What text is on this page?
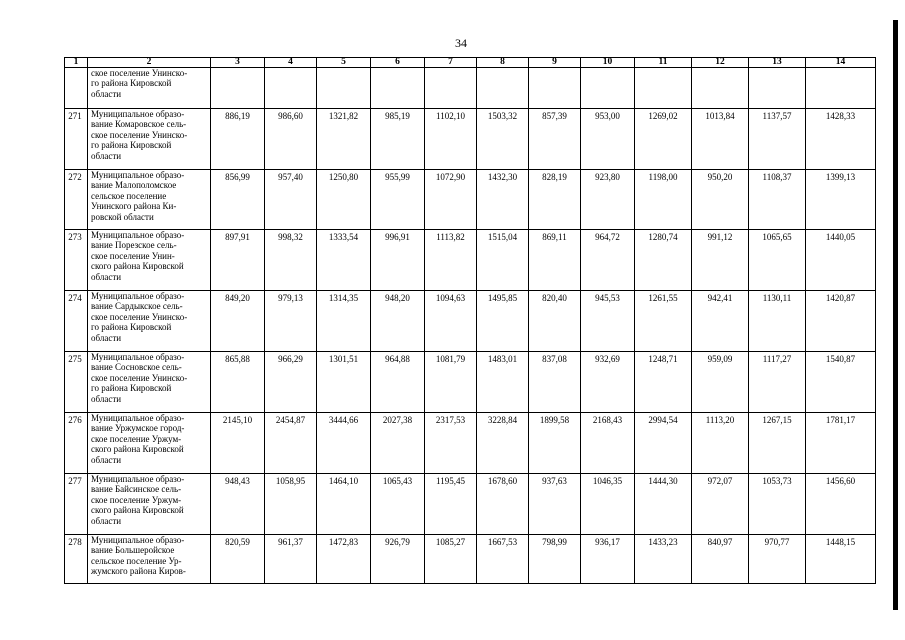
34
1	2	3	4	5	6	7	8	9	10	11	12	13	14

	ское поселение Унинско-
го района Кировской
области												

271	Муниципальное образо-
вание Комаровское сель-
ское поселение Унинско-
го района Кировской
области	886,19	986,60	1321,82	985,19	1102,10	1503,32	857,39	953,00	1269,02	1013,84	1137,57	1428,33
272	Муниципальное образо-
вание Малополомское
сельское поселение
Унинского района Ки-
ровской области	856,99	957,40	1250,80	955,99	1072,90	1432,30	828,19	923,80	1198,00	950,20	1108,37	1399,13
273	Муниципальное образо-
вание Порезское сель-
ское поселение Унин-
ского района Кировской
области	897,91	998,32	1333,54	996,91	1113,82	1515,04	869,11	964,72	1280,74	991,12	1065,65	1440,05
274	Муниципальное образо-
вание Сардыкское сель-
ское поселение Унинско-
го района Кировской
области	849,20	979,13	1314,35	948,20	1094,63	1495,85	820,40	945,53	1261,55	942,41	1130,11	1420,87
275	Муниципальное образо-
вание Сосновское сель-
ское поселение Унинско-
го района Кировской
области	865,88	966,29	1301,51	964,88	1081,79	1483,01	837,08	932,69	1248,71	959,09	1117,27	1540,87
276	Муниципальное образо-
вание Уржумское город-
ское поселение Уржум-
ского района Кировской
области	2145,10	2454,87	3444,66	2027,38	2317,53	3228,84	1899,58	2168,43	2994,54	1113,20	1267,15	1781,17
277	Муниципальное образо-
вание Байсинское сель-
ское поселение Уржум-
ского района Кировской
области	948,43	1058,95	1464,10	1065,43	1195,45	1678,60	937,63	1046,35	1444,30	972,07	1053,73	1456,60
278	Муниципальное образо-
вание Большеройское
сельское поселение Ур-
жумского района Киров-	820,59	961,37	1472,83	926,79	1085,27	1667,53	798,99	936,17	1433,23	840,97	970,77	1448,15
